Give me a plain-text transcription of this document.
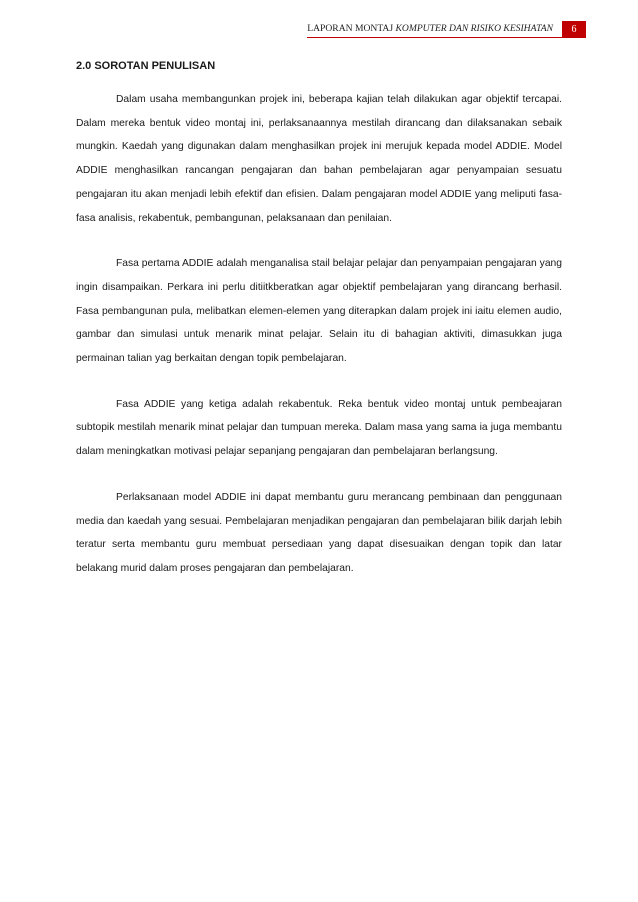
LAPORAN MONTAJ KOMPUTER DAN RISIKO KESIHATAN	6
2.0 SOROTAN PENULISAN

Dalam usaha membangunkan projek ini, beberapa kajian telah dilakukan agar objektif tercapai. Dalam mereka bentuk video montaj ini, perlaksanaannya mestilah dirancang dan dilaksanakan sebaik mungkin. Kaedah yang digunakan dalam menghasilkan projek ini merujuk kepada model ADDIE. Model ADDIE menghasilkan rancangan pengajaran dan bahan pembelajaran agar penyampaian sesuatu pengajaran itu akan menjadi lebih efektif dan efisien. Dalam pengajaran model ADDIE yang meliputi fasa-fasa analisis, rekabentuk, pembangunan, pelaksanaan dan penilaian.

Fasa pertama ADDIE adalah menganalisa stail belajar pelajar dan penyampaian pengajaran yang ingin disampaikan. Perkara ini perlu ditiitkberatkan agar objektif pembelajaran yang dirancang berhasil. Fasa pembangunan pula, melibatkan elemen-elemen yang diterapkan dalam projek ini iaitu elemen audio, gambar dan simulasi untuk menarik minat pelajar. Selain itu di bahagian aktiviti, dimasukkan juga permainan talian yag berkaitan dengan topik pembelajaran.

Fasa ADDIE yang ketiga adalah rekabentuk. Reka bentuk video montaj untuk pembeajaran subtopik mestilah menarik minat pelajar dan tumpuan mereka. Dalam masa yang sama ia juga membantu dalam meningkatkan motivasi pelajar sepanjang pengajaran dan pembelajaran berlangsung.

Perlaksanaan model ADDIE ini dapat membantu guru merancang pembinaan dan penggunaan media dan kaedah yang sesuai. Pembelajaran menjadikan pengajaran dan pembelajaran bilik darjah lebih teratur serta membantu guru membuat persediaan yang dapat disesuaikan dengan topik dan latar belakang murid dalam proses pengajaran dan pembelajaran.
